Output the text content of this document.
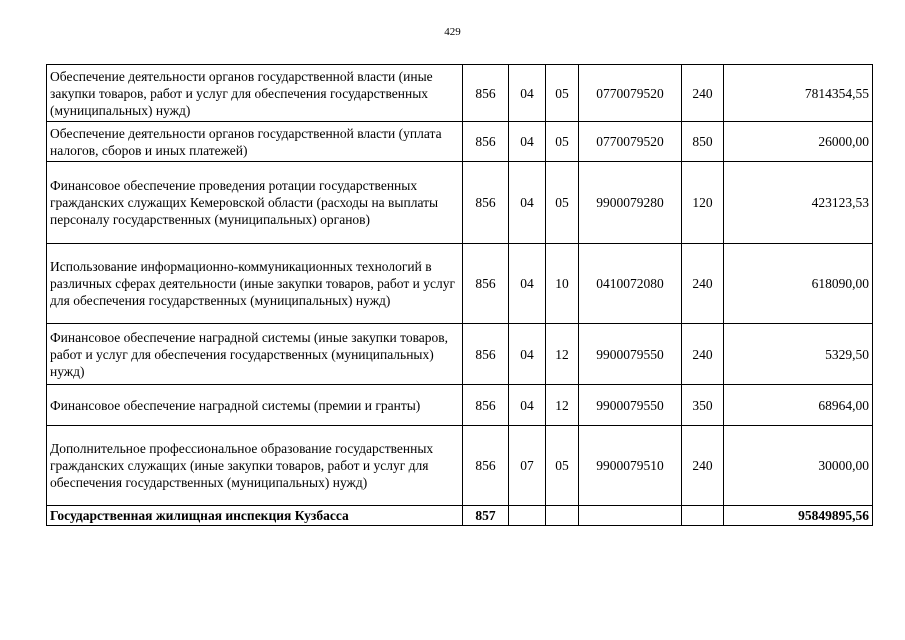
429
Обеспечение деятельности органов государственной власти (иные закупки товаров, работ и услуг для обеспечения государственных (муниципальных) нужд)	856	04	05	0770079520	240	7814354,55
Обеспечение деятельности органов государственной власти (уплата налогов, сборов и иных платежей)	856	04	05	0770079520	850	26000,00
Финансовое обеспечение проведения ротации государственных гражданских служащих Кемеровской области (расходы на выплаты персоналу государственных (муниципальных) органов)	856	04	05	9900079280	120	423123,53
Использование информационно-коммуникационных технологий в различных сферах деятельности (иные закупки товаров, работ и услуг для обеспечения государственных (муниципальных) нужд)	856	04	10	0410072080	240	618090,00
Финансовое обеспечение наградной системы (иные закупки товаров, работ и услуг для обеспечения государственных (муниципальных) нужд)	856	04	12	9900079550	240	5329,50
Финансовое обеспечение наградной системы (премии и гранты)	856	04	12	9900079550	350	68964,00
Дополнительное профессиональное образование государственных гражданских служащих (иные закупки товаров, работ и услуг для обеспечения государственных (муниципальных) нужд)	856	07	05	9900079510	240	30000,00
Государственная жилищная инспекция Кузбасса	857					95849895,56
